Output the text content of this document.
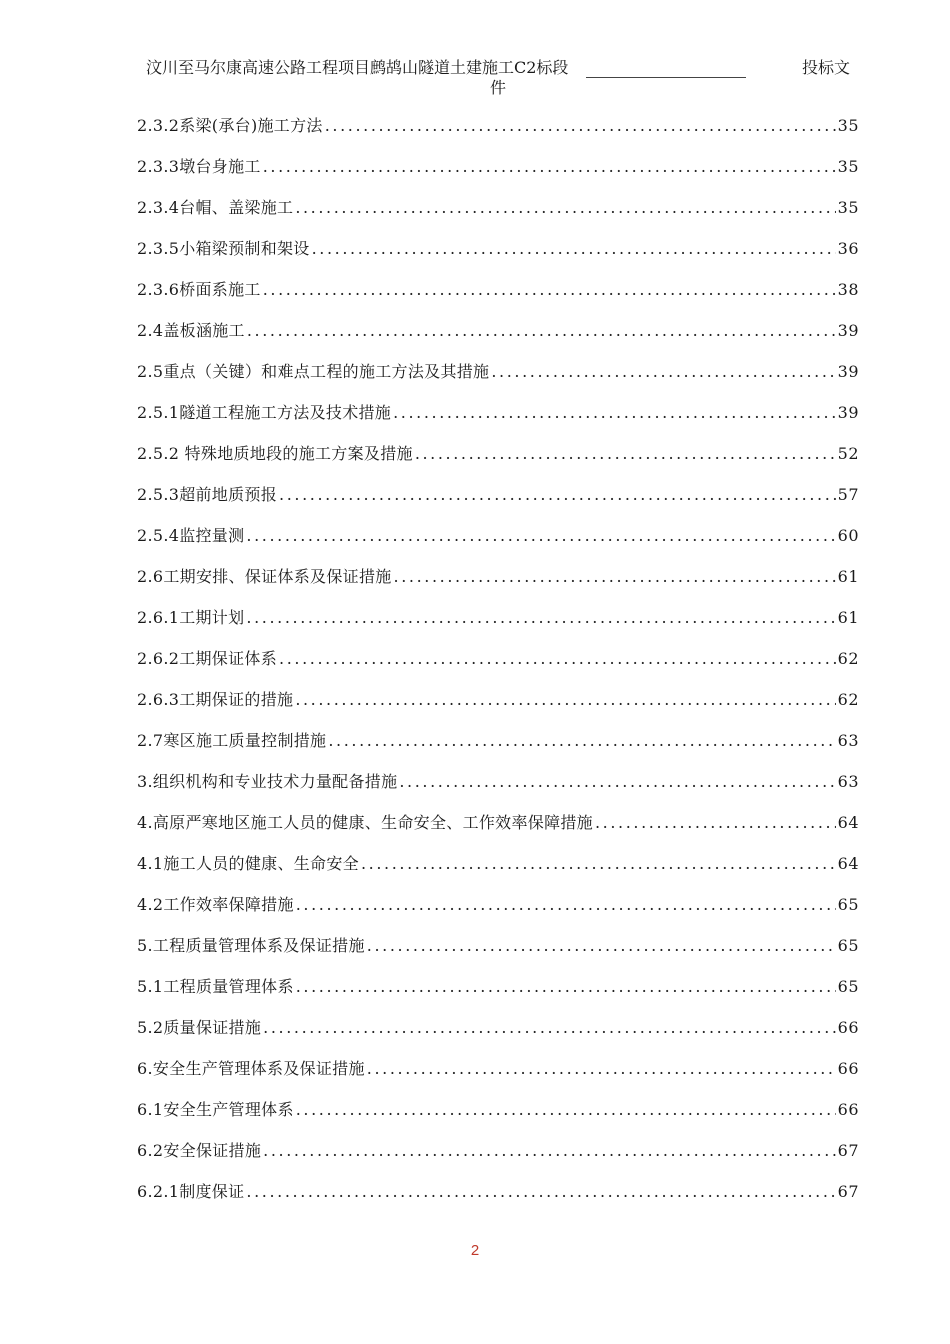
汶川至马尔康高速公路工程项目鹧鸪山隧道土建施工C2标段	投标文
件
2.3.2系梁(承台)施工方法 .....	35
2.3.3墩台身施工 .....	35
2.3.4台帽、盖梁施工 .....	35
2.3.5小箱梁预制和架设 .....	36
2.3.6桥面系施工 .....	38
2.4盖板涵施工 .....	39
2.5重点（关键）和难点工程的施工方法及其措施 .....	39
2.5.1隧道工程施工方法及技术措施 .....	39
2.5.2 特殊地质地段的施工方案及措施 .....	52
2.5.3超前地质预报 .....	57
2.5.4监控量测 .....	60
2.6工期安排、保证体系及保证措施 .....	61
2.6.1工期计划 .....	61
2.6.2工期保证体系 .....	62
2.6.3工期保证的措施 .....	62
2.7寒区施工质量控制措施 .....	63
3.组织机构和专业技术力量配备措施 .....	63
4.高原严寒地区施工人员的健康、生命安全、工作效率保障措施 .....	64
4.1施工人员的健康、生命安全 .....	64
4.2工作效率保障措施 .....	65
5.工程质量管理体系及保证措施 .....	65
5.1工程质量管理体系 .....	65
5.2质量保证措施 .....	66
6.安全生产管理体系及保证措施 .....	66
6.1安全生产管理体系 .....	66
6.2安全保证措施 .....	67
6.2.1制度保证 .....	67
2
